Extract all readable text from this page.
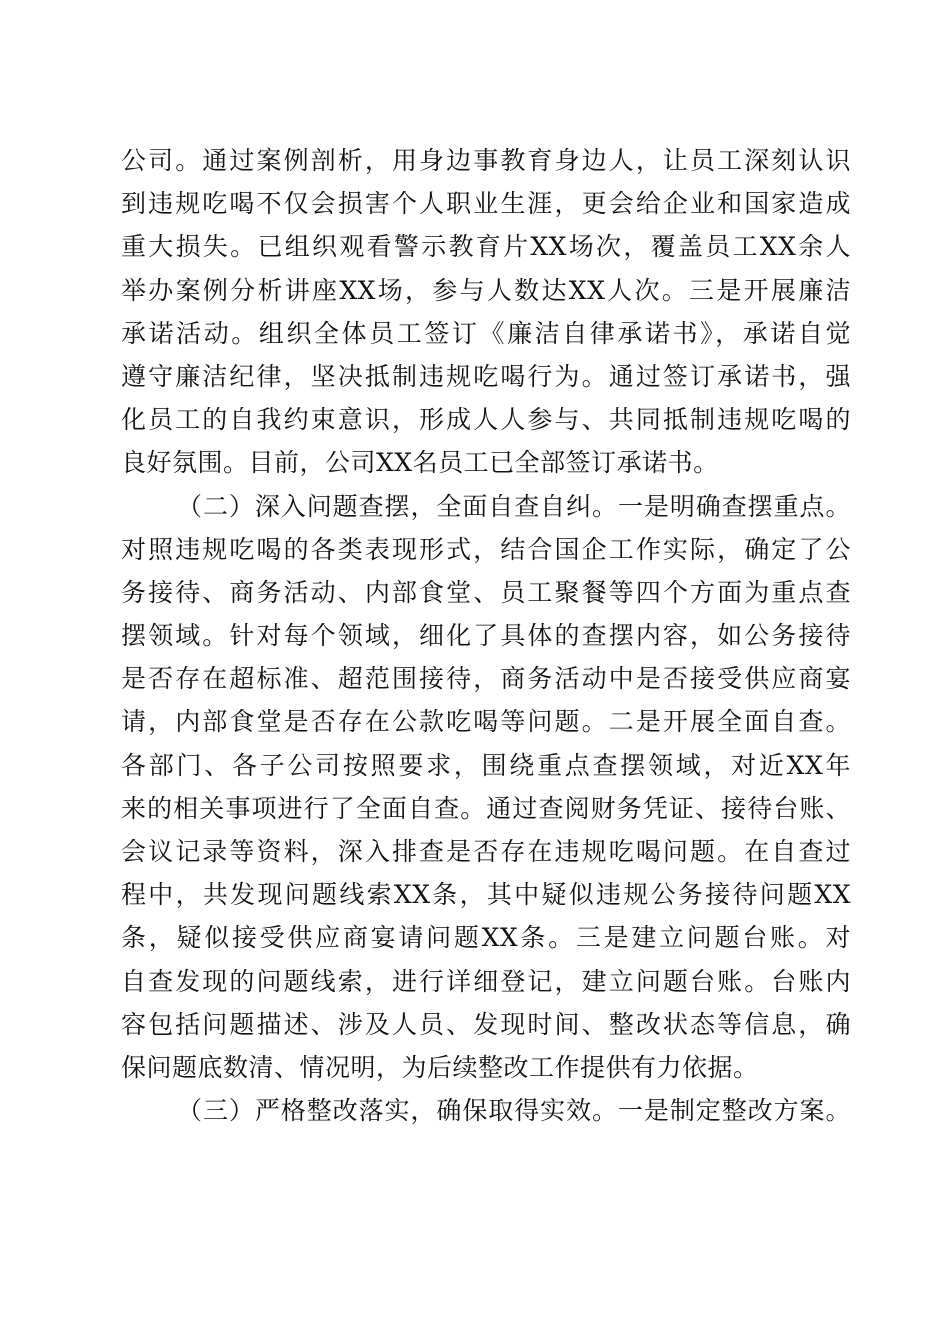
公司。通过案例剖析，用身边事教育身边人，让员工深刻认识
到违规吃喝不仅会损害个人职业生涯，更会给企业和国家造成
重大损失。已组织观看警示教育片XX场次，覆盖员工XX余人
举办案例分析讲座XX场，参与人数达XX人次。三是开展廉洁
承诺活动。组织全体员工签订《廉洁自律承诺书》，承诺自觉
遵守廉洁纪律，坚决抵制违规吃喝行为。通过签订承诺书，强
化员工的自我约束意识，形成人人参与、共同抵制违规吃喝的
良好氛围。目前，公司XX名员工已全部签订承诺书。
（二）深入问题查摆，全面自查自纠。一是明确查摆重点。
对照违规吃喝的各类表现形式，结合国企工作实际，确定了公
务接待、商务活动、内部食堂、员工聚餐等四个方面为重点查
摆领域。针对每个领域，细化了具体的查摆内容，如公务接待
是否存在超标准、超范围接待，商务活动中是否接受供应商宴
请，内部食堂是否存在公款吃喝等问题。二是开展全面自查。
各部门、各子公司按照要求，围绕重点查摆领域，对近XX年
来的相关事项进行了全面自查。通过查阅财务凭证、接待台账、
会议记录等资料，深入排查是否存在违规吃喝问题。在自查过
程中，共发现问题线索XX条，其中疑似违规公务接待问题XX
条，疑似接受供应商宴请问题XX条。三是建立问题台账。对
自查发现的问题线索，进行详细登记，建立问题台账。台账内
容包括问题描述、涉及人员、发现时间、整改状态等信息，确
保问题底数清、情况明，为后续整改工作提供有力依据。
（三）严格整改落实，确保取得实效。一是制定整改方案。
